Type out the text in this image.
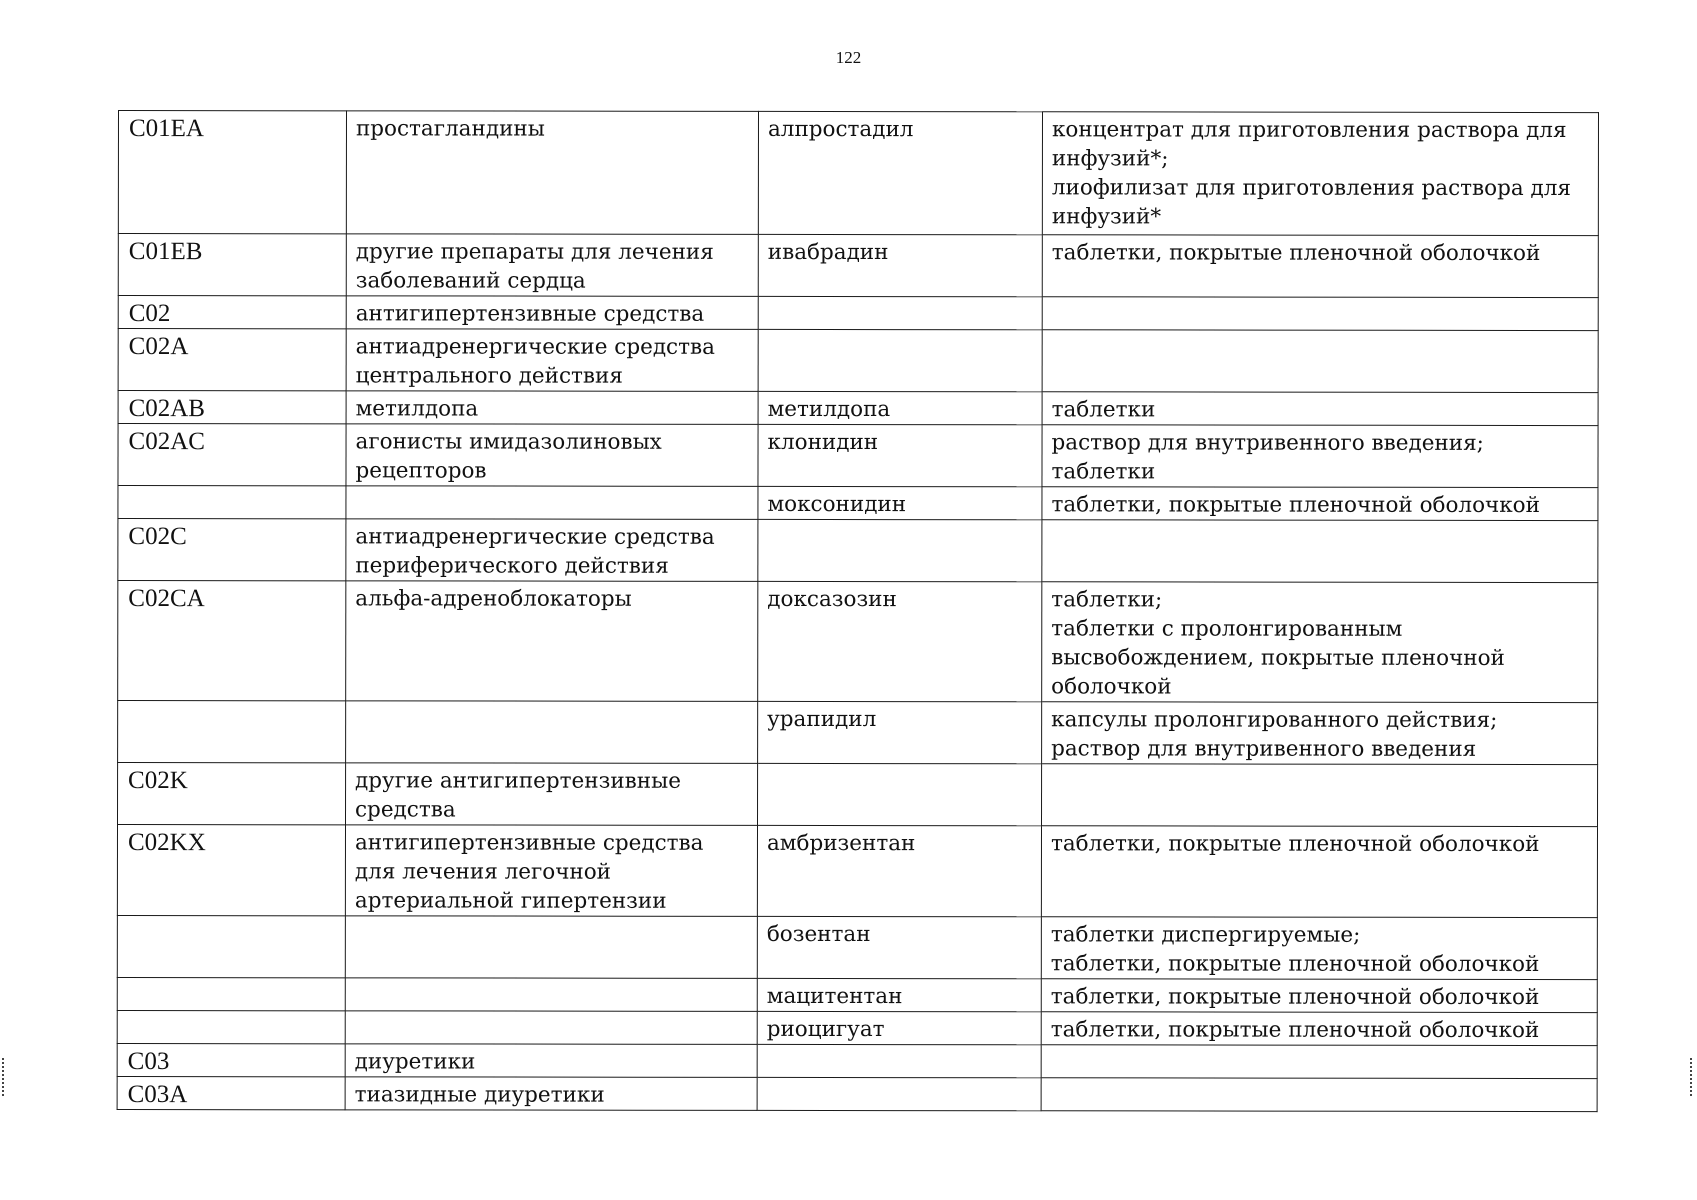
122
C01EA	простагландины	алпростадил	концентрат для приготовления раствора для инфузий*;
лиофилизат для приготовления раствора для инфузий*

C01EB	другие препараты для лечения заболеваний сердца	ивабрадин	таблетки, покрытые пленочной оболочкой

C02	антигипертензивные средства		
C02A	антиадренергические средства центрального действия		
C02AB	метилдопа	метилдопа	таблетки

C02AC	агонисты имидазолиновых рецепторов	клонидин	раствор для внутривенного введения;
таблетки

		моксонидин	таблетки, покрытые пленочной оболочкой

C02C	антиадренергические средства периферического действия		
C02CA	альфа-адреноблокаторы	доксазозин	таблетки;
таблетки с пролонгированным высвобождением, покрытые пленочной оболочкой

		урапидил	капсулы пролонгированного действия;
раствор для внутривенного введения

C02K	другие антигипертензивные средства		
C02KX	антигипертензивные средства для лечения легочной артериальной гипертензии	амбризентан	таблетки, покрытые пленочной оболочкой

		бозентан	таблетки диспергируемые;
таблетки, покрытые пленочной оболочкой

		мацитентан	таблетки, покрытые пленочной оболочкой

		риоцигуат	таблетки, покрытые пленочной оболочкой

C03	диуретики		
C03A	тиазидные диуретики		
